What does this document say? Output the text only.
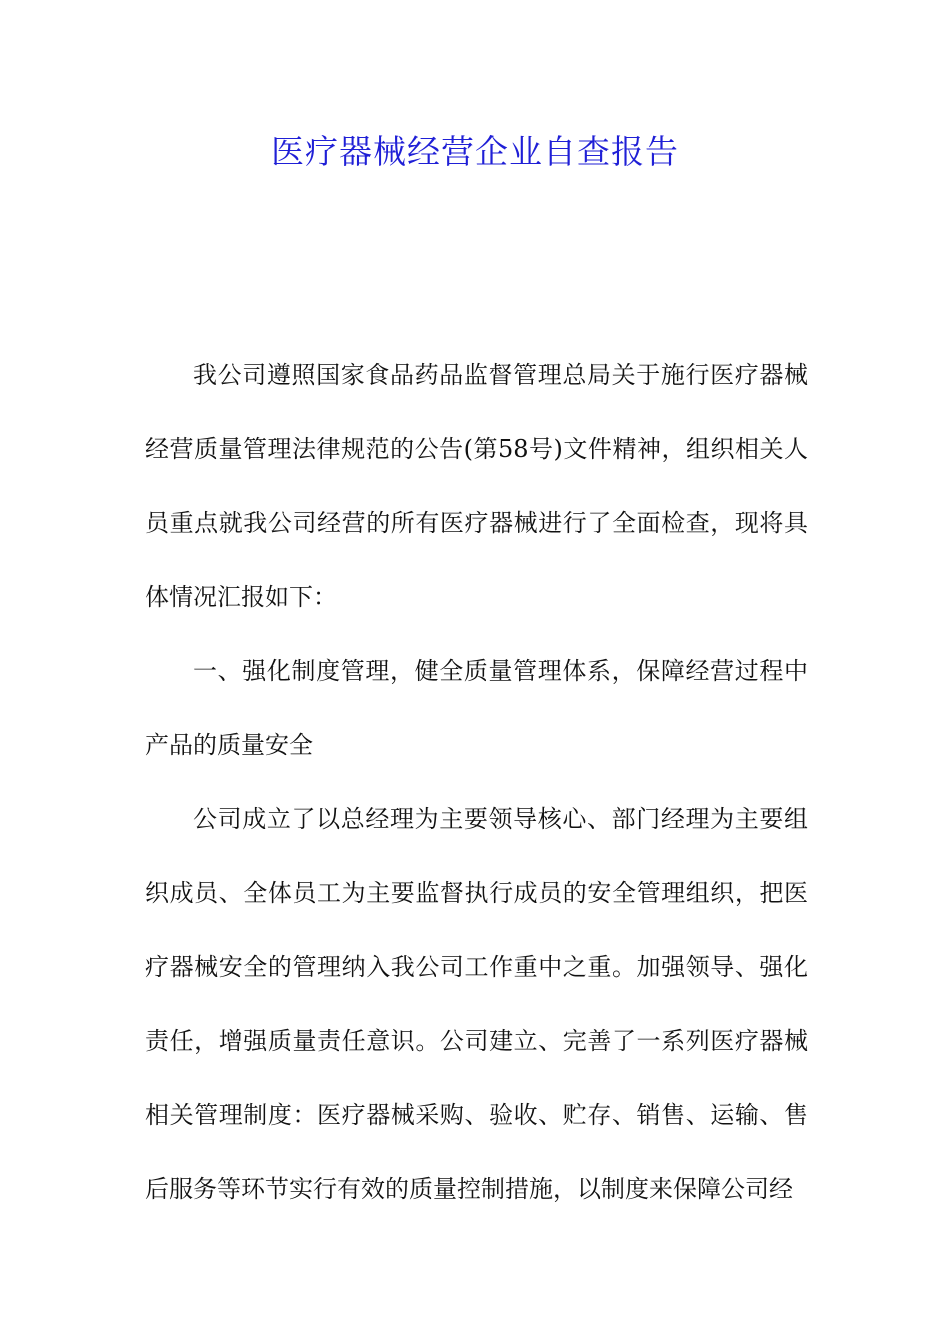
医疗器械经营企业自查报告

我公司遵照国家食品药品监督管理总局关于施行医疗器械经营质量管理法律规范的公告(第58号)文件精神，组织相关人员重点就我公司经营的所有医疗器械进行了全面检查，现将具体情况汇报如下：

一、强化制度管理，健全质量管理体系，保障经营过程中产品的质量安全

公司成立了以总经理为主要领导核心、部门经理为主要组织成员、全体员工为主要监督执行成员的安全管理组织，把医疗器械安全的管理纳入我公司工作重中之重。加强领导、强化责任，增强质量责任意识。公司建立、完善了一系列医疗器械相关管理制度：医疗器械采购、验收、贮存、销售、运输、售后服务等环节实行有效的质量控制措施，以制度来保障公司经
